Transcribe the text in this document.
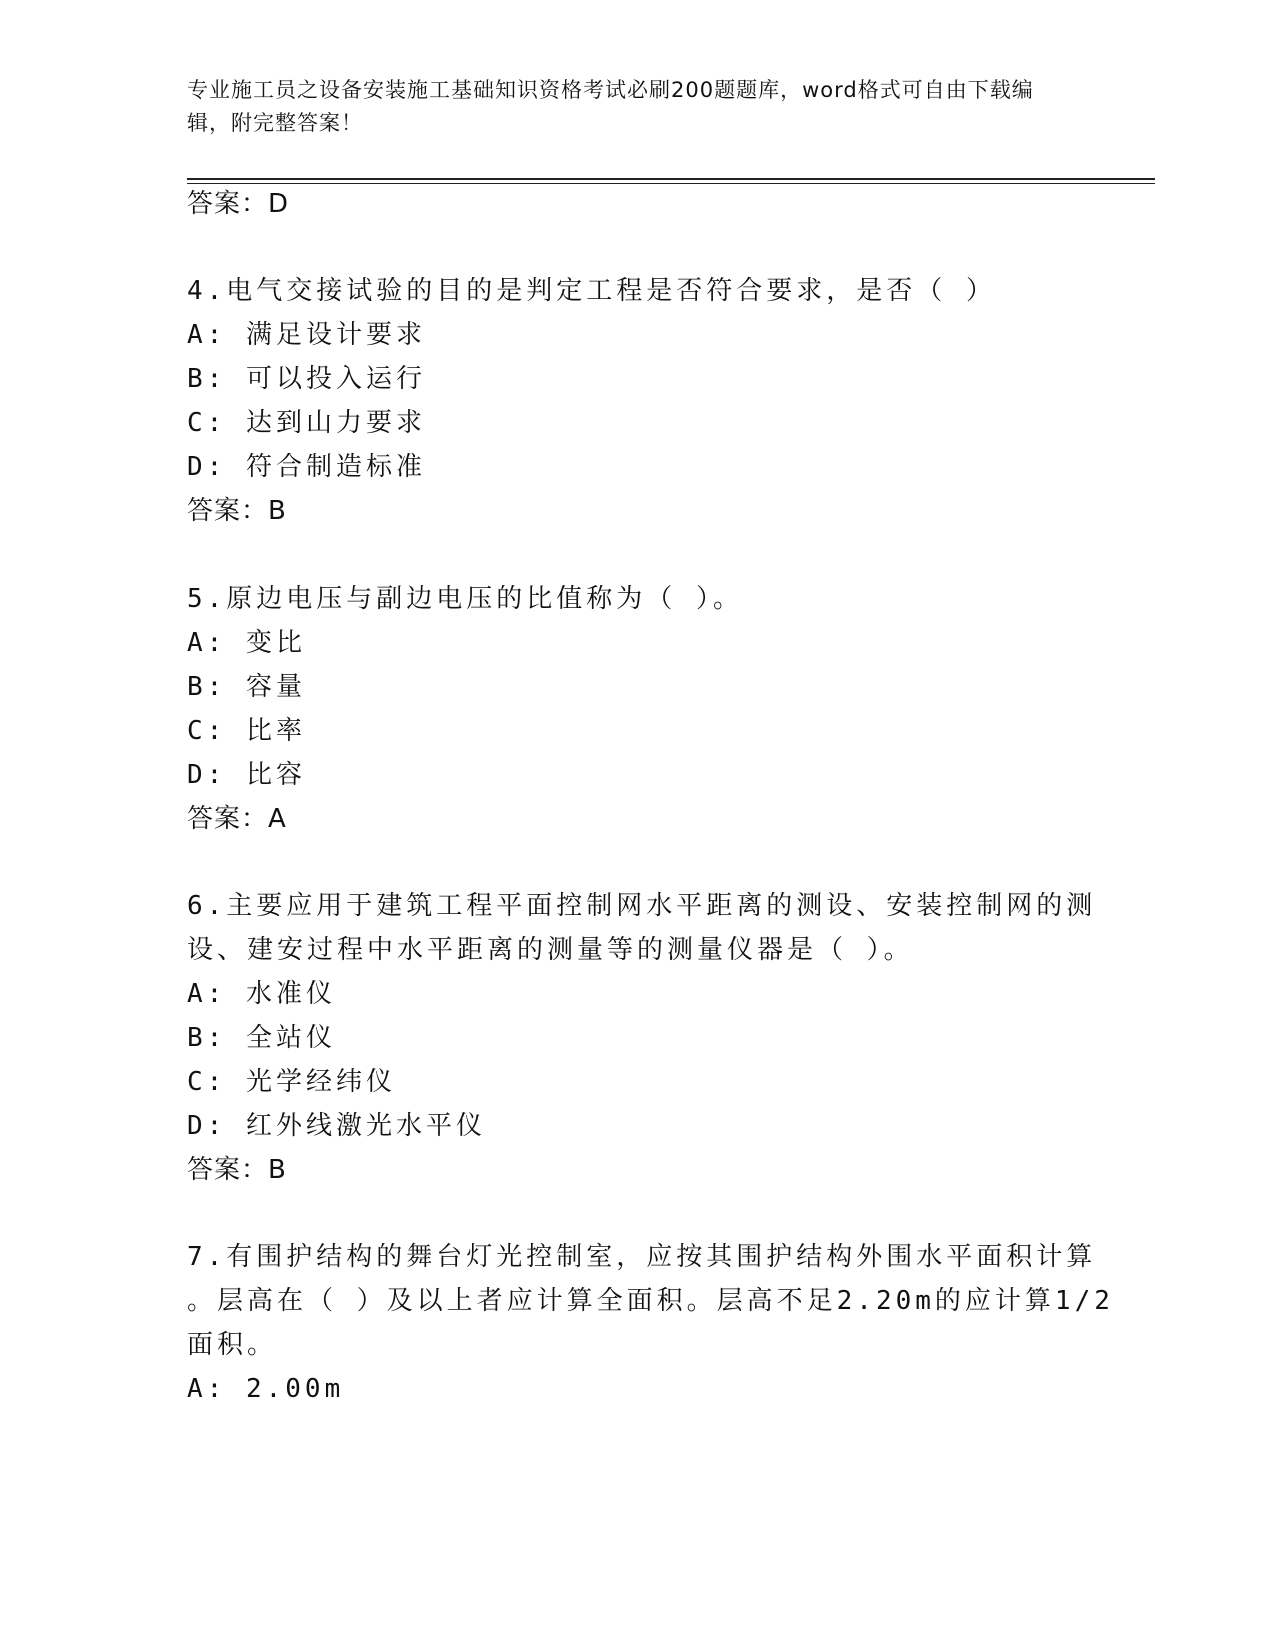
专业施工员之设备安装施工基础知识资格考试必刷200题题库，word格式可自由下载编辑，附完整答案！
答案：D
4.电气交接试验的目的是判定工程是否符合要求，是否（ ）
A: 满足设计要求
B: 可以投入运行
C: 达到山力要求
D: 符合制造标准
答案：B
5.原边电压与副边电压的比值称为（ ）。
A: 变比
B: 容量
C: 比率
D: 比容
答案：A
6.主要应用于建筑工程平面控制网水平距离的测设、安装控制网的测
设、建安过程中水平距离的测量等的测量仪器是（ ）。
A: 水准仪
B: 全站仪
C: 光学经纬仪
D: 红外线激光水平仪
答案：B
7.有围护结构的舞台灯光控制室，应按其围护结构外围水平面积计算
。层高在（ ）及以上者应计算全面积。层高不足2.20m的应计算1/2
面积。
A: 2.00m
